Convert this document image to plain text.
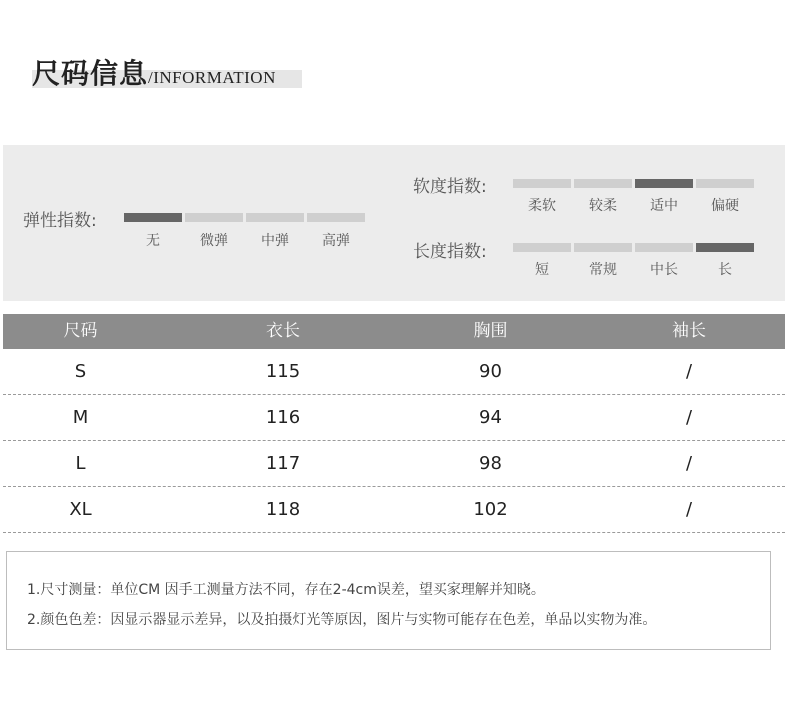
尺码信息/INFORMATION
弹性指数:
无	微弹	中弹	高弹
软度指数:
柔软	较柔	适中	偏硬
长度指数:
短	常规	中长	长
尺码	衣长	胸围	袖长
S	115	90	/
M	116	94	/
L	117	98	/
XL	118	102	/
1.尺寸测量：单位CM 因手工测量方法不同，存在2-4cm误差，望买家理解并知晓。
2.颜色色差：因显示器显示差异，以及拍摄灯光等原因，图片与实物可能存在色差，单品以实物为准。
